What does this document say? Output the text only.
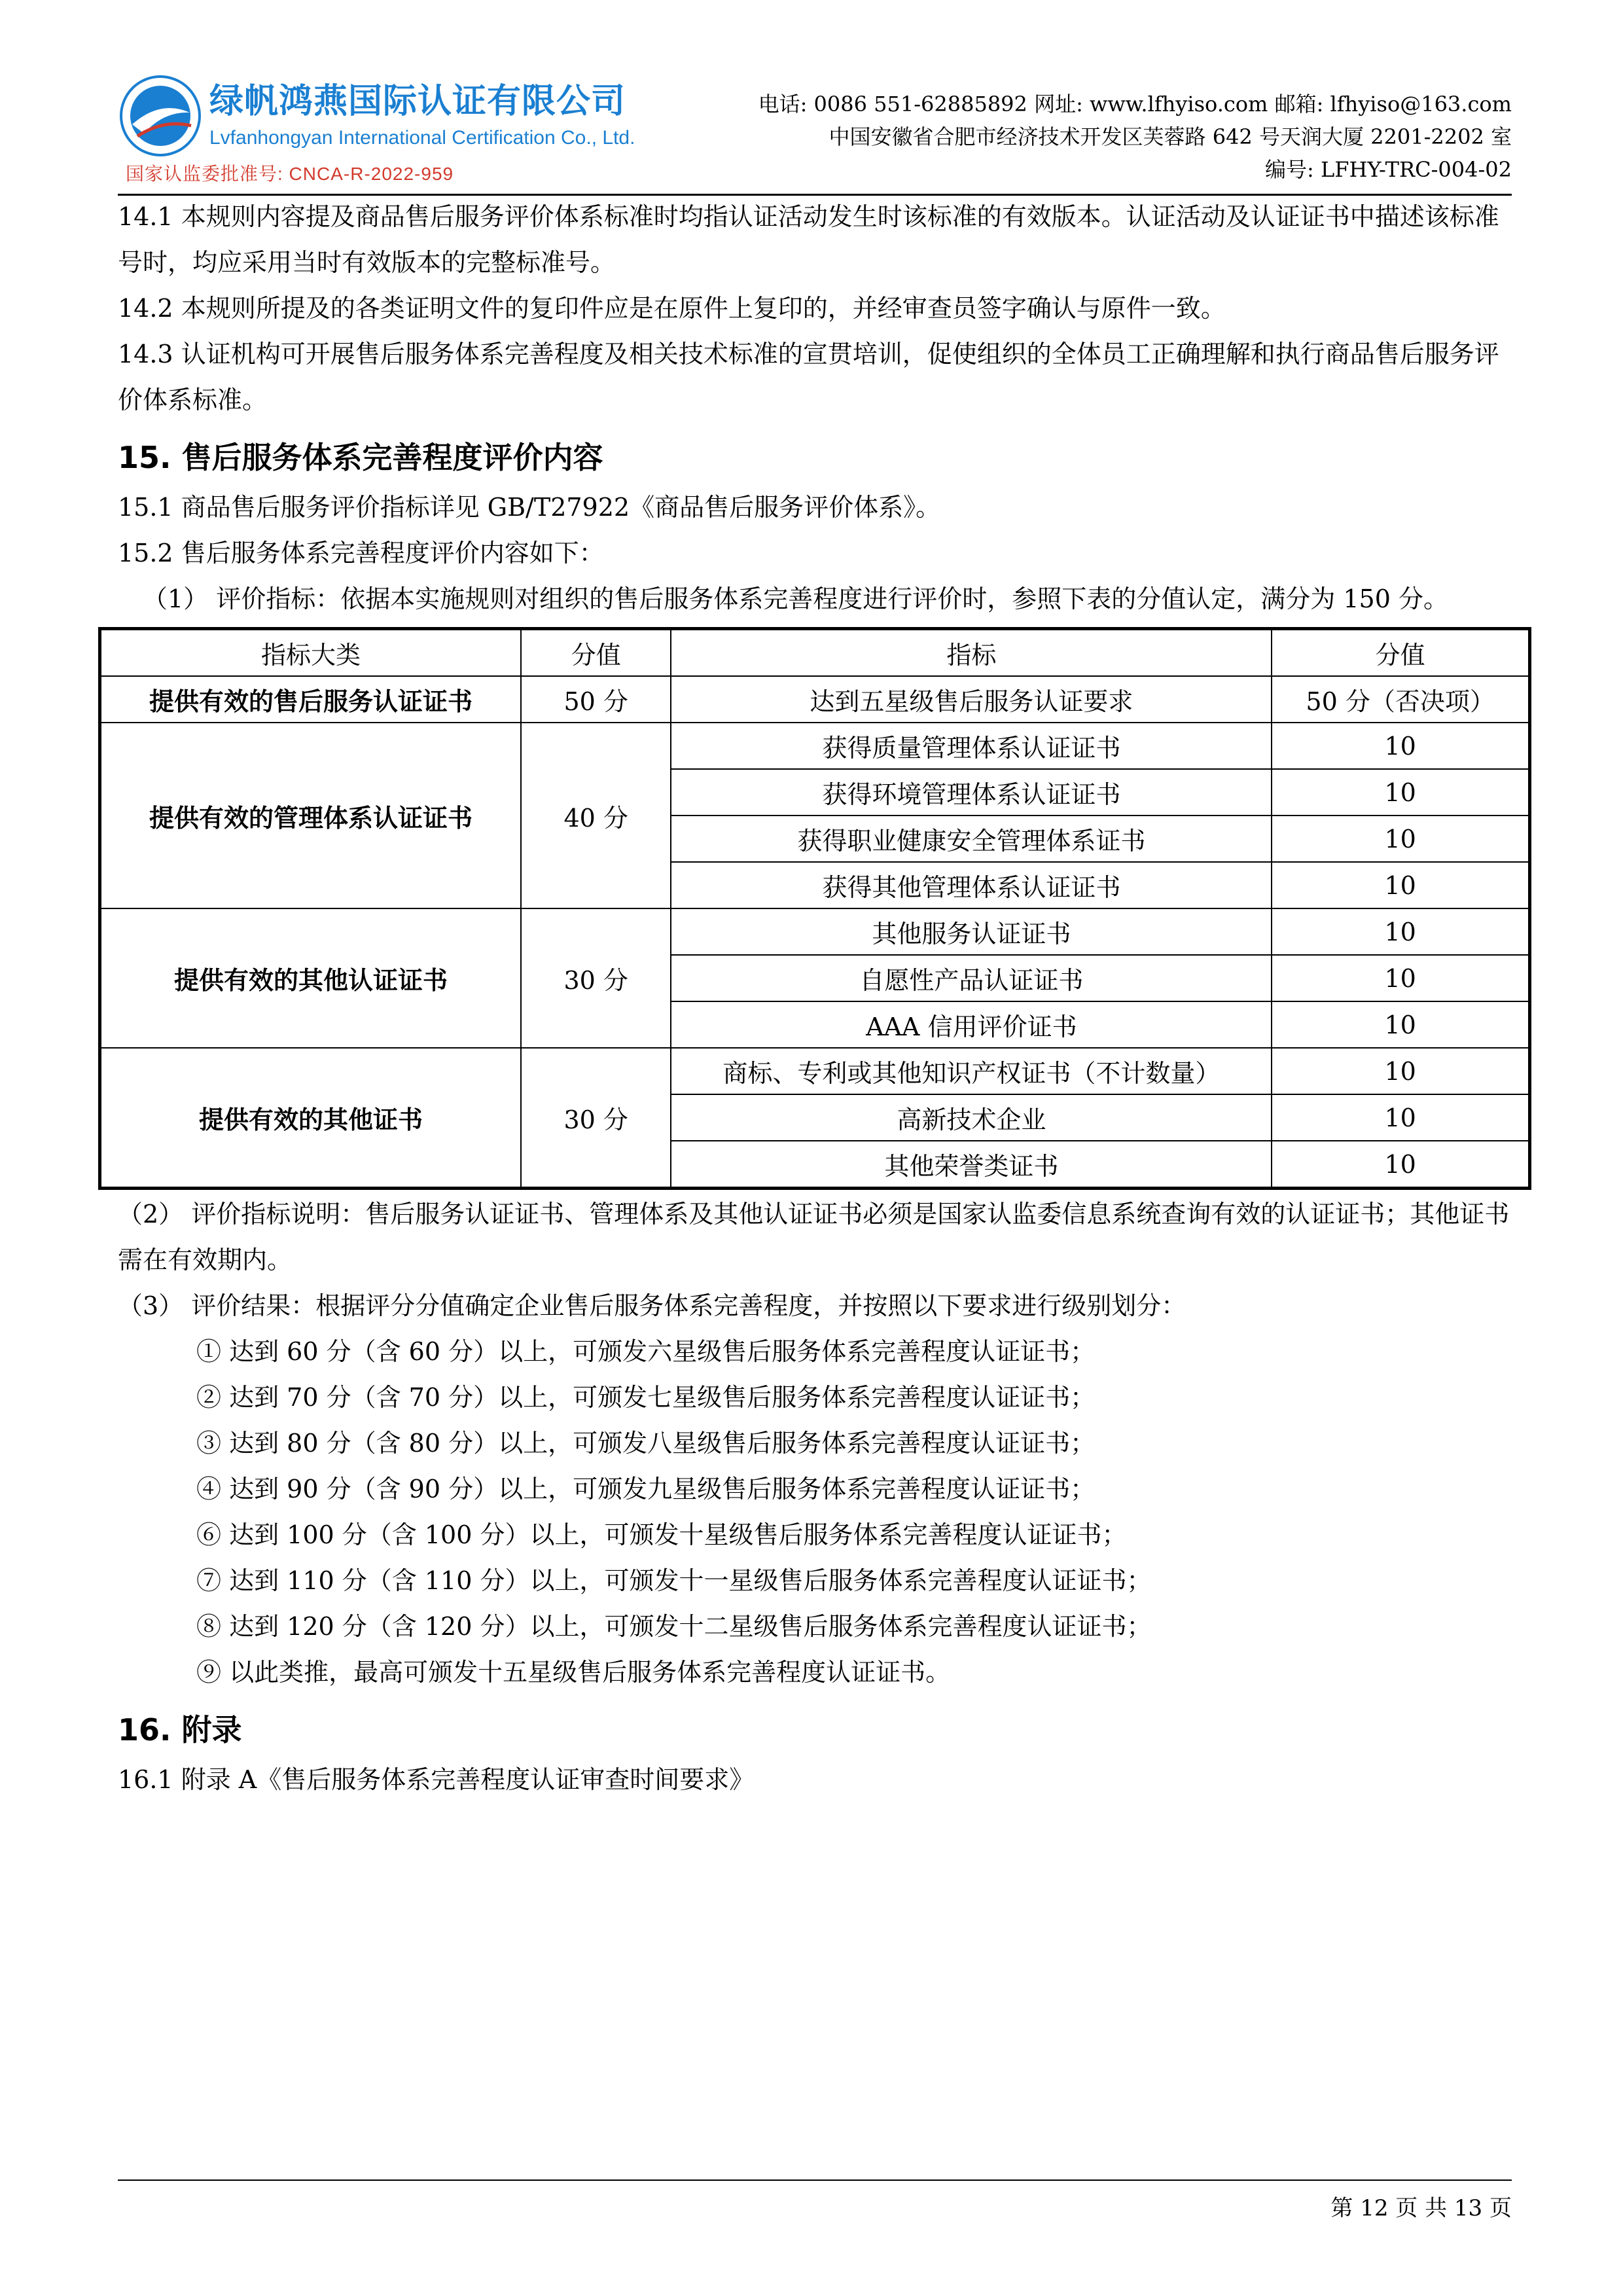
绿帆鸿燕国际认证有限公司
Lvfanhongyan International Certification Co., Ltd.
国家认监委批准号: CNCA-R-2022-959
电话: 0086 551-62885892 网址: www.lfhyiso.com 邮箱: lfhyiso@163.com
中国安徽省合肥市经济技术开发区芙蓉路 642 号天润大厦 2201-2202 室
编号: LFHY-TRC-004-02

14.1 本规则内容提及商品售后服务评价体系标准时均指认证活动发生时该标准的有效版本。认证活动及认证证书中描述该标准号时，均应采用当时有效版本的完整标准号。

14.2 本规则所提及的各类证明文件的复印件应是在原件上复印的，并经审查员签字确认与原件一致。

14.3 认证机构可开展售后服务体系完善程度及相关技术标准的宣贯培训，促使组织的全体员工正确理解和执行商品售后服务评价体系标准。

15. 售后服务体系完善程度评价内容

15.1 商品售后服务评价指标详见 GB/T27922《商品售后服务评价体系》。

15.2 售后服务体系完善程度评价内容如下：

（1） 评价指标：依据本实施规则对组织的售后服务体系完善程度进行评价时，参照下表的分值认定，满分为 150 分。

指标大类	分值	指标	分值
提供有效的售后服务认证证书	50 分	达到五星级售后服务认证要求	50 分（否决项）
提供有效的管理体系认证证书	40 分	获得质量管理体系认证证书	10
		获得环境管理体系认证证书	10
		获得职业健康安全管理体系证书	10
		获得其他管理体系认证证书	10
提供有效的其他认证证书	30 分	其他服务认证证书	10
		自愿性产品认证证书	10
		AAA 信用评价证书	10
提供有效的其他证书	30 分	商标、专利或其他知识产权证书（不计数量）	10
		高新技术企业	10
		其他荣誉类证书	10

（2） 评价指标说明：售后服务认证证书、管理体系及其他认证证书必须是国家认监委信息系统查询有效的认证证书；其他证书需在有效期内。

（3） 评价结果：根据评分分值确定企业售后服务体系完善程度，并按照以下要求进行级别划分：

① 达到 60 分（含 60 分）以上，可颁发六星级售后服务体系完善程度认证证书；

② 达到 70 分（含 70 分）以上，可颁发七星级售后服务体系完善程度认证证书；

③ 达到 80 分（含 80 分）以上，可颁发八星级售后服务体系完善程度认证证书；

④ 达到 90 分（含 90 分）以上，可颁发九星级售后服务体系完善程度认证证书；

⑥ 达到 100 分（含 100 分）以上，可颁发十星级售后服务体系完善程度认证证书；

⑦ 达到 110 分（含 110 分）以上，可颁发十一星级售后服务体系完善程度认证证书；

⑧ 达到 120 分（含 120 分）以上，可颁发十二星级售后服务体系完善程度认证证书；

⑨ 以此类推，最高可颁发十五星级售后服务体系完善程度认证证书。

16. 附录

16.1 附录 A《售后服务体系完善程度认证审查时间要求》

第 12 页 共 13 页
